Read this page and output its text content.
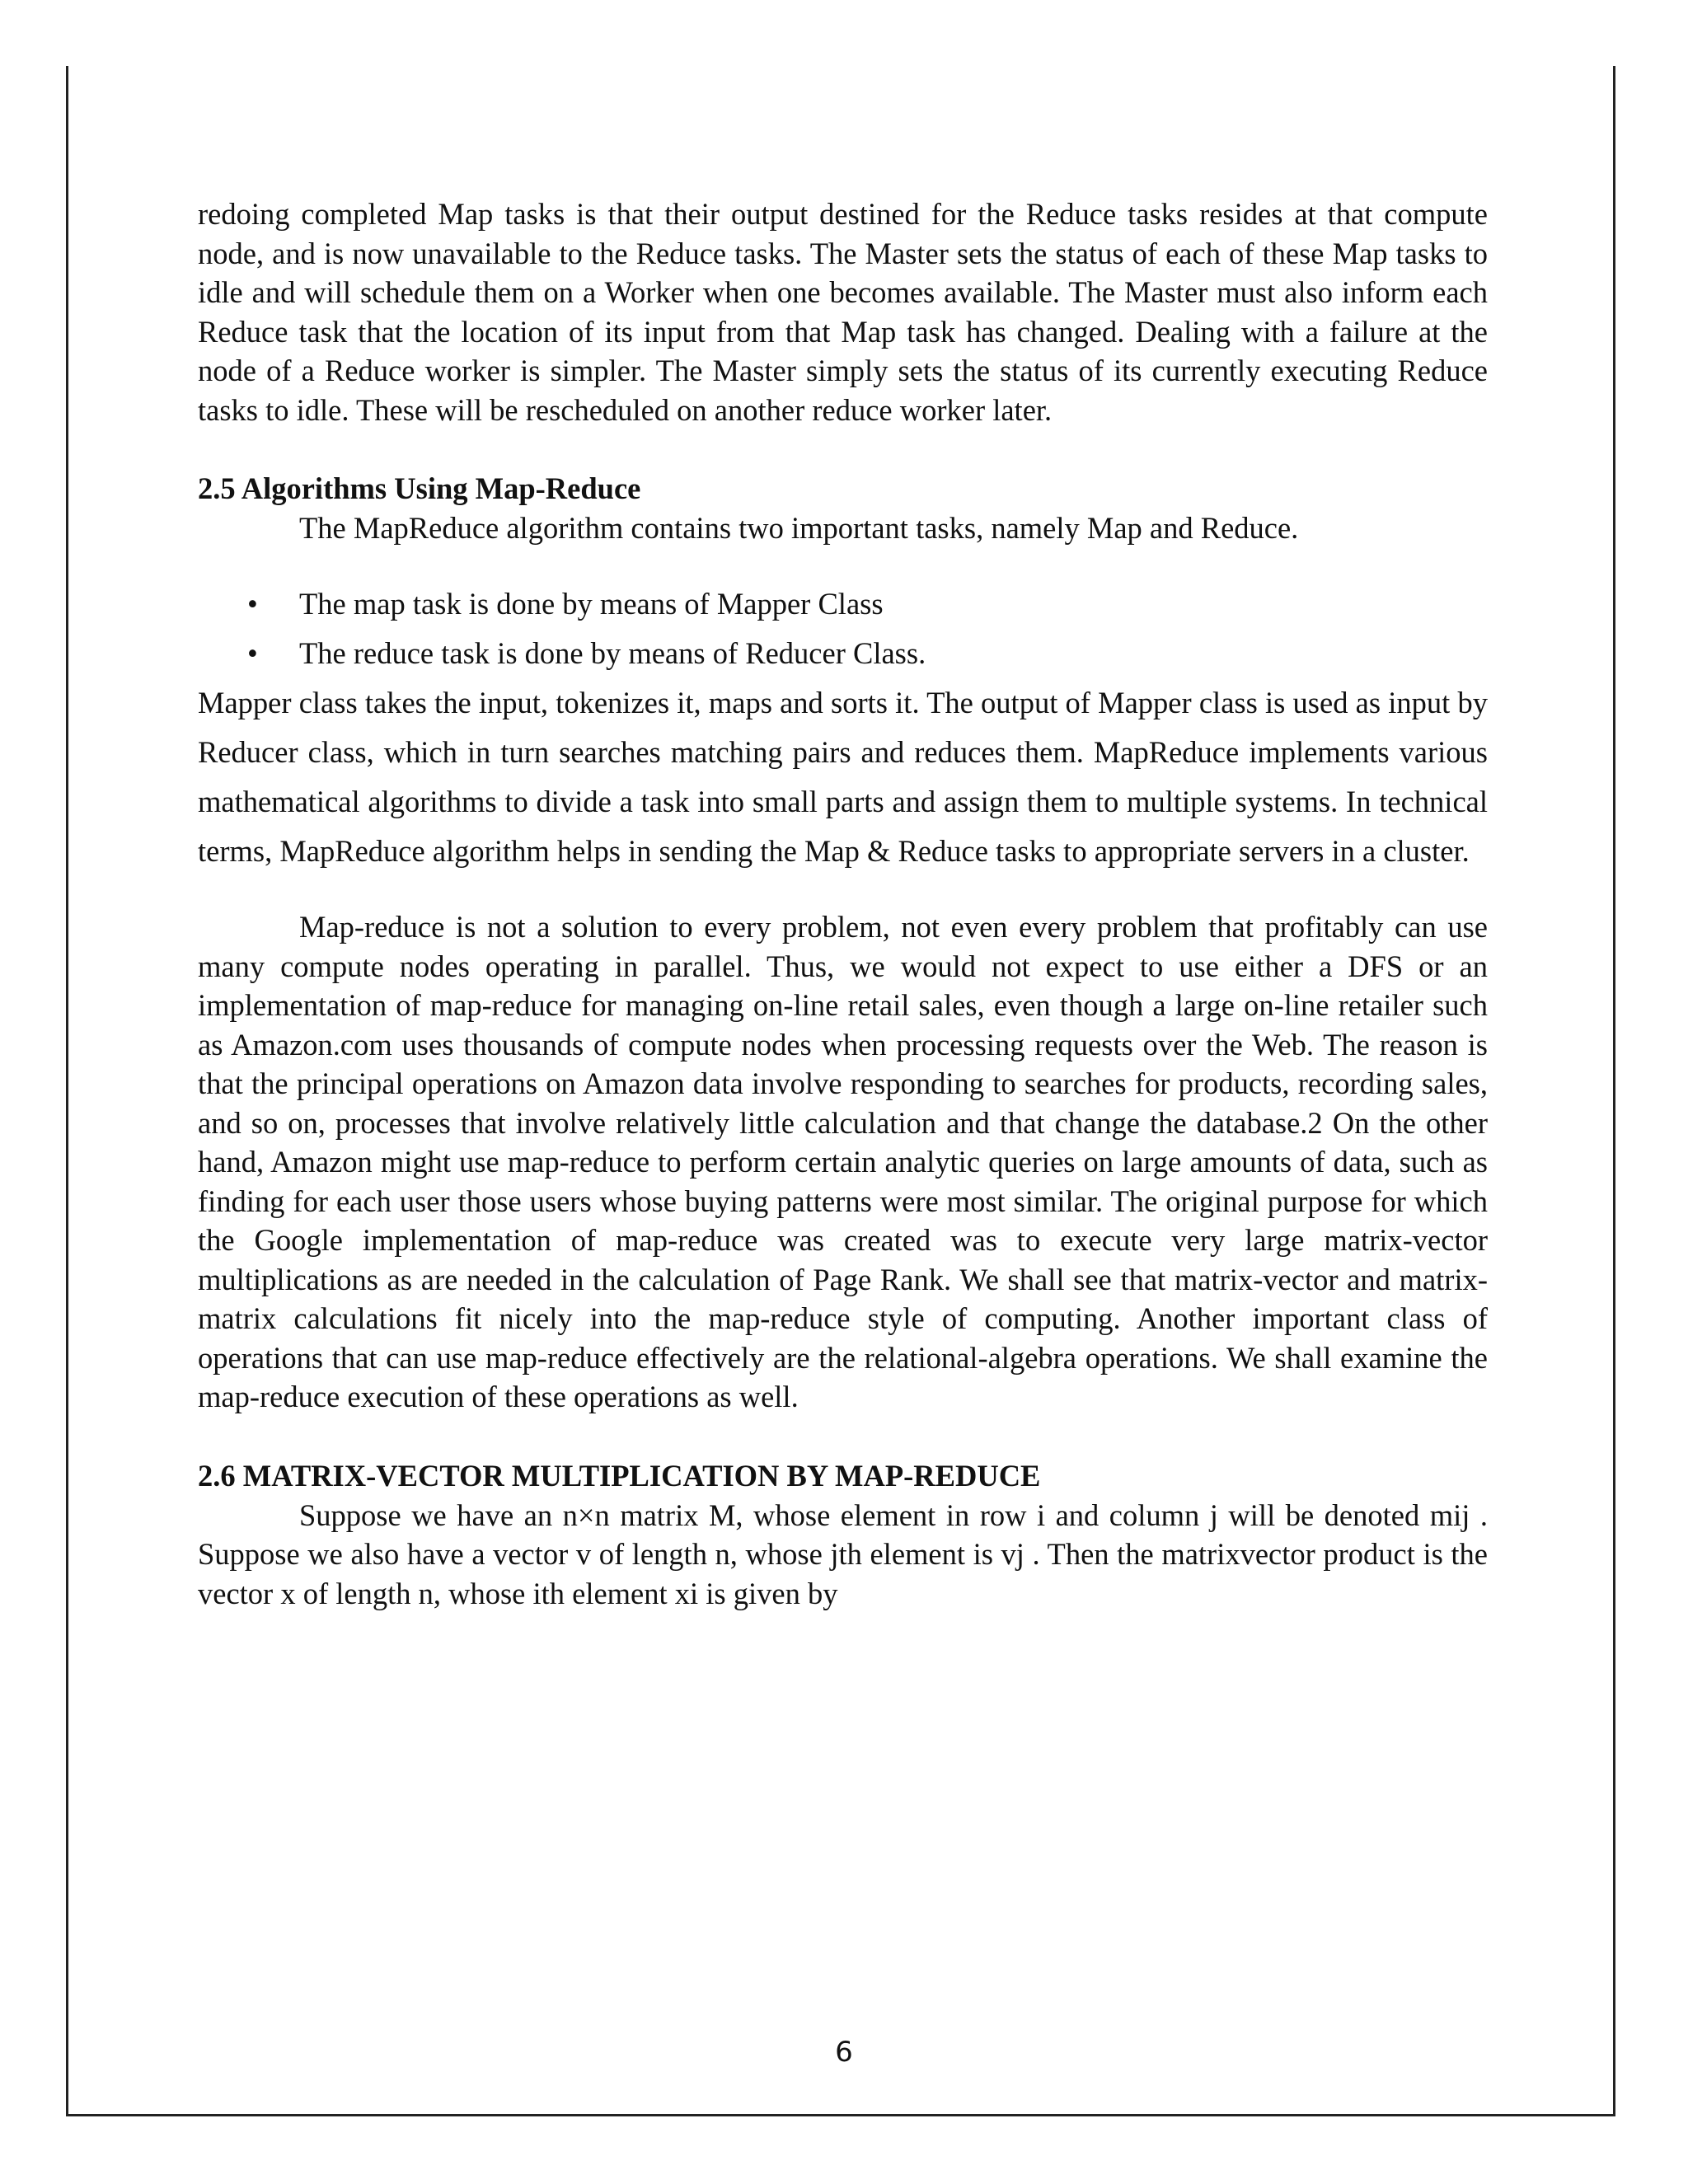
redoing completed Map tasks is that their output destined for the Reduce tasks resides at that compute node, and is now unavailable to the Reduce tasks. The Master sets the status of each of these Map tasks to idle and will schedule them on a Worker when one becomes available. The Master must also inform each Reduce task that the location of its input from that Map task has changed. Dealing with a failure at the node of a Reduce worker is simpler. The Master simply sets the status of its currently executing Reduce tasks to idle. These will be rescheduled on another reduce worker later.

2.5 Algorithms Using Map-Reduce

The MapReduce algorithm contains two important tasks, namely Map and Reduce.

• The map task is done by means of Mapper Class
• The reduce task is done by means of Reducer Class.

Mapper class takes the input, tokenizes it, maps and sorts it. The output of Mapper class is used as input by Reducer class, which in turn searches matching pairs and reduces them. MapReduce implements various mathematical algorithms to divide a task into small parts and assign them to multiple systems. In technical terms, MapReduce algorithm helps in sending the Map & Reduce tasks to appropriate servers in a cluster.

Map-reduce is not a solution to every problem, not even every problem that profitably can use many compute nodes operating in parallel. Thus, we would not expect to use either a DFS or an implementation of map-reduce for managing on-line retail sales, even though a large on-line retailer such as Amazon.com uses thousands of compute nodes when processing requests over the Web. The reason is that the principal operations on Amazon data involve responding to searches for products, recording sales, and so on, processes that involve relatively little calculation and that change the database.2 On the other hand, Amazon might use map-reduce to perform certain analytic queries on large amounts of data, such as finding for each user those users whose buying patterns were most similar. The original purpose for which the Google implementation of map-reduce was created was to execute very large matrix-vector multiplications as are needed in the calculation of Page Rank. We shall see that matrix-vector and matrix-matrix calculations fit nicely into the map-reduce style of computing. Another important class of operations that can use map-reduce effectively are the relational-algebra operations. We shall examine the map-reduce execution of these operations as well.

2.6 MATRIX-VECTOR MULTIPLICATION BY MAP-REDUCE

Suppose we have an n×n matrix M, whose element in row i and column j will be denoted mij . Suppose we also have a vector v of length n, whose jth element is vj . Then the matrixvector product is the vector x of length n, whose ith element xi is given by

6
